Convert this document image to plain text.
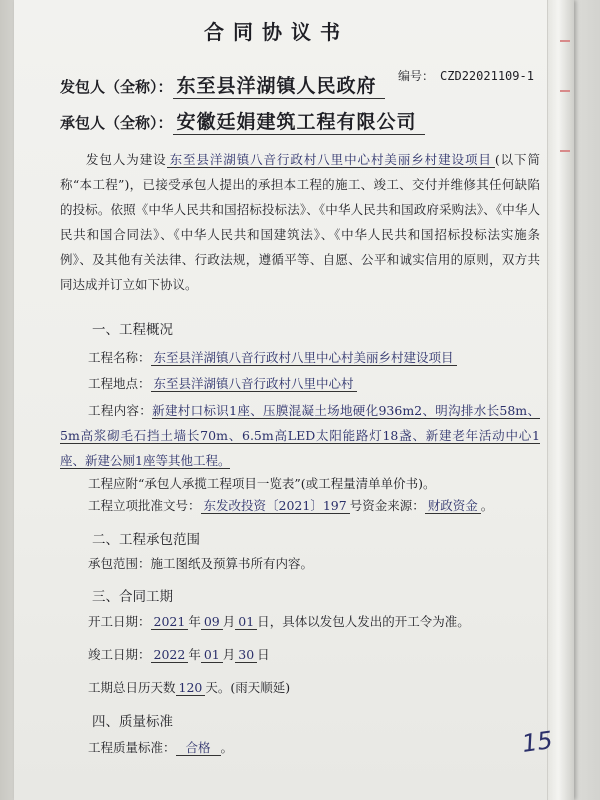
合同协议书
编号： CZD22021109-1
发包人（全称）： 东至县洋湖镇人民政府
承包人（全称）： 安徽廷娟建筑工程有限公司
发包人为建设 东至县洋湖镇八音行政村八里中心村美丽乡村建设项目 (以下简称“本工程”)，已接受承包人提出的承担本工程的施工、竣工、交付并维修其任何缺陷的投标。依照《中华人民共和国招标投标法》、《中华人民共和国政府采购法》、《中华人民共和国合同法》、《中华人民共和国建筑法》、《中华人民共和国招标投标法实施条例》、及其他有关法律、行政法规，遵循平等、自愿、公平和诚实信用的原则，双方共同达成并订立如下协议。
一、工程概况
工程名称： 东至县洋湖镇八音行政村八里中心村美丽乡村建设项目
工程地点： 东至县洋湖镇八音行政村八里中心村
工程内容：新建村口标识1座、压膜混凝土场地硬化936m2、明沟排水长58m、5m高浆砌毛石挡土墙长70m、6.5m高LED太阳能路灯18盏、新建老年活动中心1座、新建公厕1座等其他工程。
工程应附“承包人承揽工程项目一览表”(或工程量清单单价书)。
工程立项批准文号： 东发改投资〔2021〕197 号资金来源： 财政资金 。
二、工程承包范围
承包范围：施工图纸及预算书所有内容。
三、合同工期
开工日期： 2021 年 09 月 01 日，具体以发包人发出的开工令为准。
竣工日期： 2022 年 01 月 30 日
工期总日历天数 120 天。(雨天顺延)
四、质量标准
工程质量标准： 合格 。	15
